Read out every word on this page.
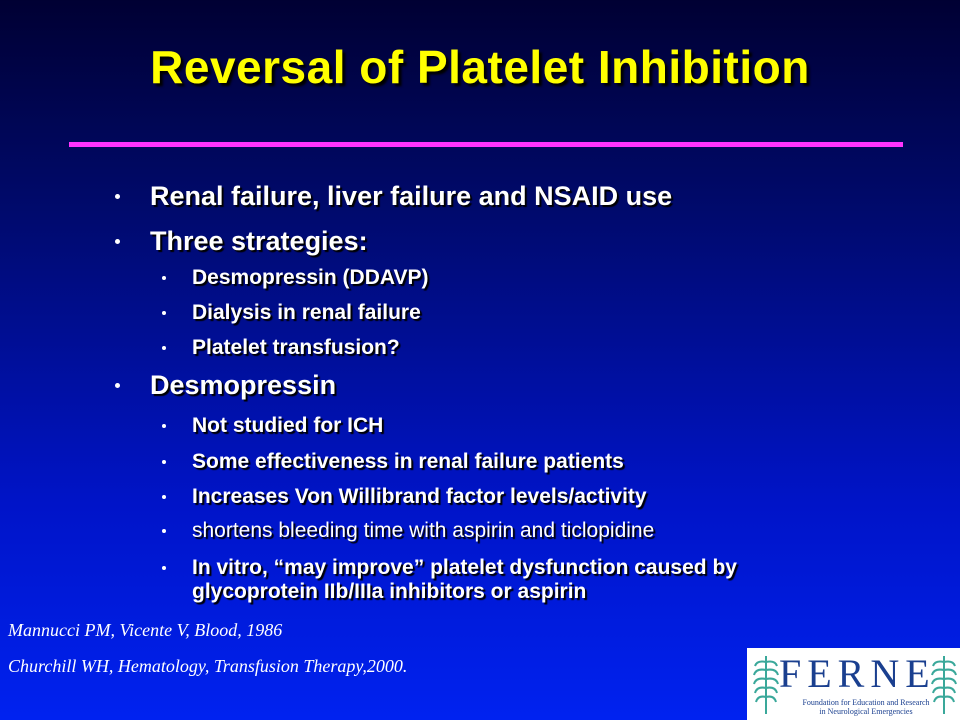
Reversal of Platelet Inhibition
Renal failure, liver failure and NSAID use
Three strategies:
Desmopressin (DDAVP)
Dialysis in renal failure
Platelet transfusion?
Desmopressin
Not studied for ICH
Some effectiveness in renal failure patients
Increases Von Willibrand factor levels/activity
shortens bleeding time with aspirin and ticlopidine
In vitro, “may improve” platelet dysfunction caused by
glycoprotein IIb/IIIa inhibitors or aspirin
Mannucci PM, Vicente V, Blood, 1986
Churchill WH, Hematology, Transfusion Therapy,2000.	FERNE
Foundation for Education and Research
in Neurological Emergencies
